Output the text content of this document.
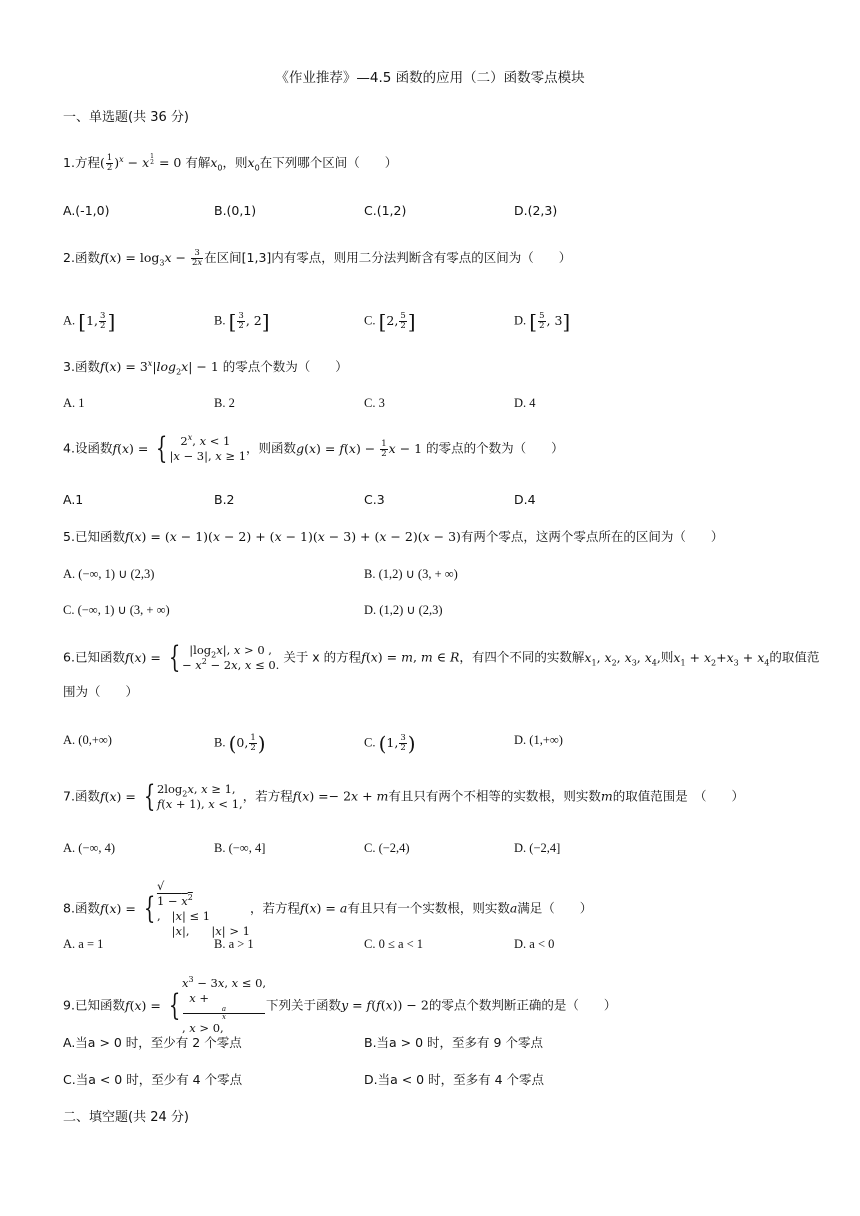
《作业推荐》—4.5 函数的应用（二）函数零点模块
一、单选题(共 36 分)
1.方程( $\frac{1}{2} )^x - x^{1 2} = 0$ 有解$x_0$，则$x_0$在下列哪个区间（　　）
A.(-1,0)	B.(0,1)	C.(1,2)	D.(2,3)
2.函数$f(x) = \log_3x - \frac{3}{2x}$ 在区间[1,3]内有零点，则用二分法判断含有零点的区间为（　　）
A. [1, $\frac{3}{2}$ ]	B. [ $\frac{3}{2}$ , 2]	C. [2, $\frac{5}{2}$ ]	D. [ $\frac{5}{2}$ , 3]
3.函数$f(x) = 3^x|\log_2x| - 1$ 的零点个数为（　　）
A. 1	B. 2	C. 3	D. 4
4.设函数f(x) = { 2$^x$, x < 1
|x − 3|, x ≥ 1
，则函数$g(x) = f(x) - \frac{1}{2}$ x − 1 的零点的个数为（　　）
A.1	B.2	C.3	D.4
5.已知函数f(x) = (x − 1)(x − 2) + (x − 1)(x − 3) + (x − 2)(x − 3)有两个零点，这两个零点所在的区间为（　　）
A. (−∞, 1) ∪ (2,3)	B. (1,2) ∪ (3, + ∞)
C. (−∞, 1) ∪ (3, + ∞)	D. (1,2) ∪ (2,3)
6.已知函数f(x) = { $|\log_2x|$, x > 0 ,
− $x^2 - 2x$, x ≤ 0.
关于 x 的方程f(x) = m, m ∈ R，有四个不同的实数解$x_1$, $x_2$, $x_3$, $x_4$,则$x_1 + x_2+x_3 + x_4$的取值范
围为（　　）
A. (0,+∞)	B. (0, $\frac{1}{2}$ )	C. (1, $\frac{3}{2}$ )	D. (1,+∞)
7.函数f(x) = { $2\log_2x$, x ≥ 1,
f(x + 1), x < 1,
，若方程f(x) =− 2x + m有且只有两个不相等的实数根，则实数m的取值范围是　（　　）
A. (−∞, 4)	B. (−∞, 4]	C. (−2,4)	D. (−2,4]
8.函数f(x) = {
√
$1 - x^2$
,   |x| ≤ 1
|x|,      |x| > 1
，若方程f(x) = a有且只有一个实数根，则实数a满足（　　）
A. a = 1	B. a > 1	C. 0 ≤ a < 1	D. a < 0
9.已知函数f(x) = {
$x^3 - 3x$, x ≤ 0,
x +
a
x
, x > 0,
下列关于函数y = f(f(x)) − 2的零点个数判断正确的是（　　）
A.当a > 0 时，至少有 2 个零点	B.当a > 0 时，至多有 9 个零点
C.当a < 0 时，至少有 4 个零点	D.当a < 0 时，至多有 4 个零点
二、填空题(共 24 分)
